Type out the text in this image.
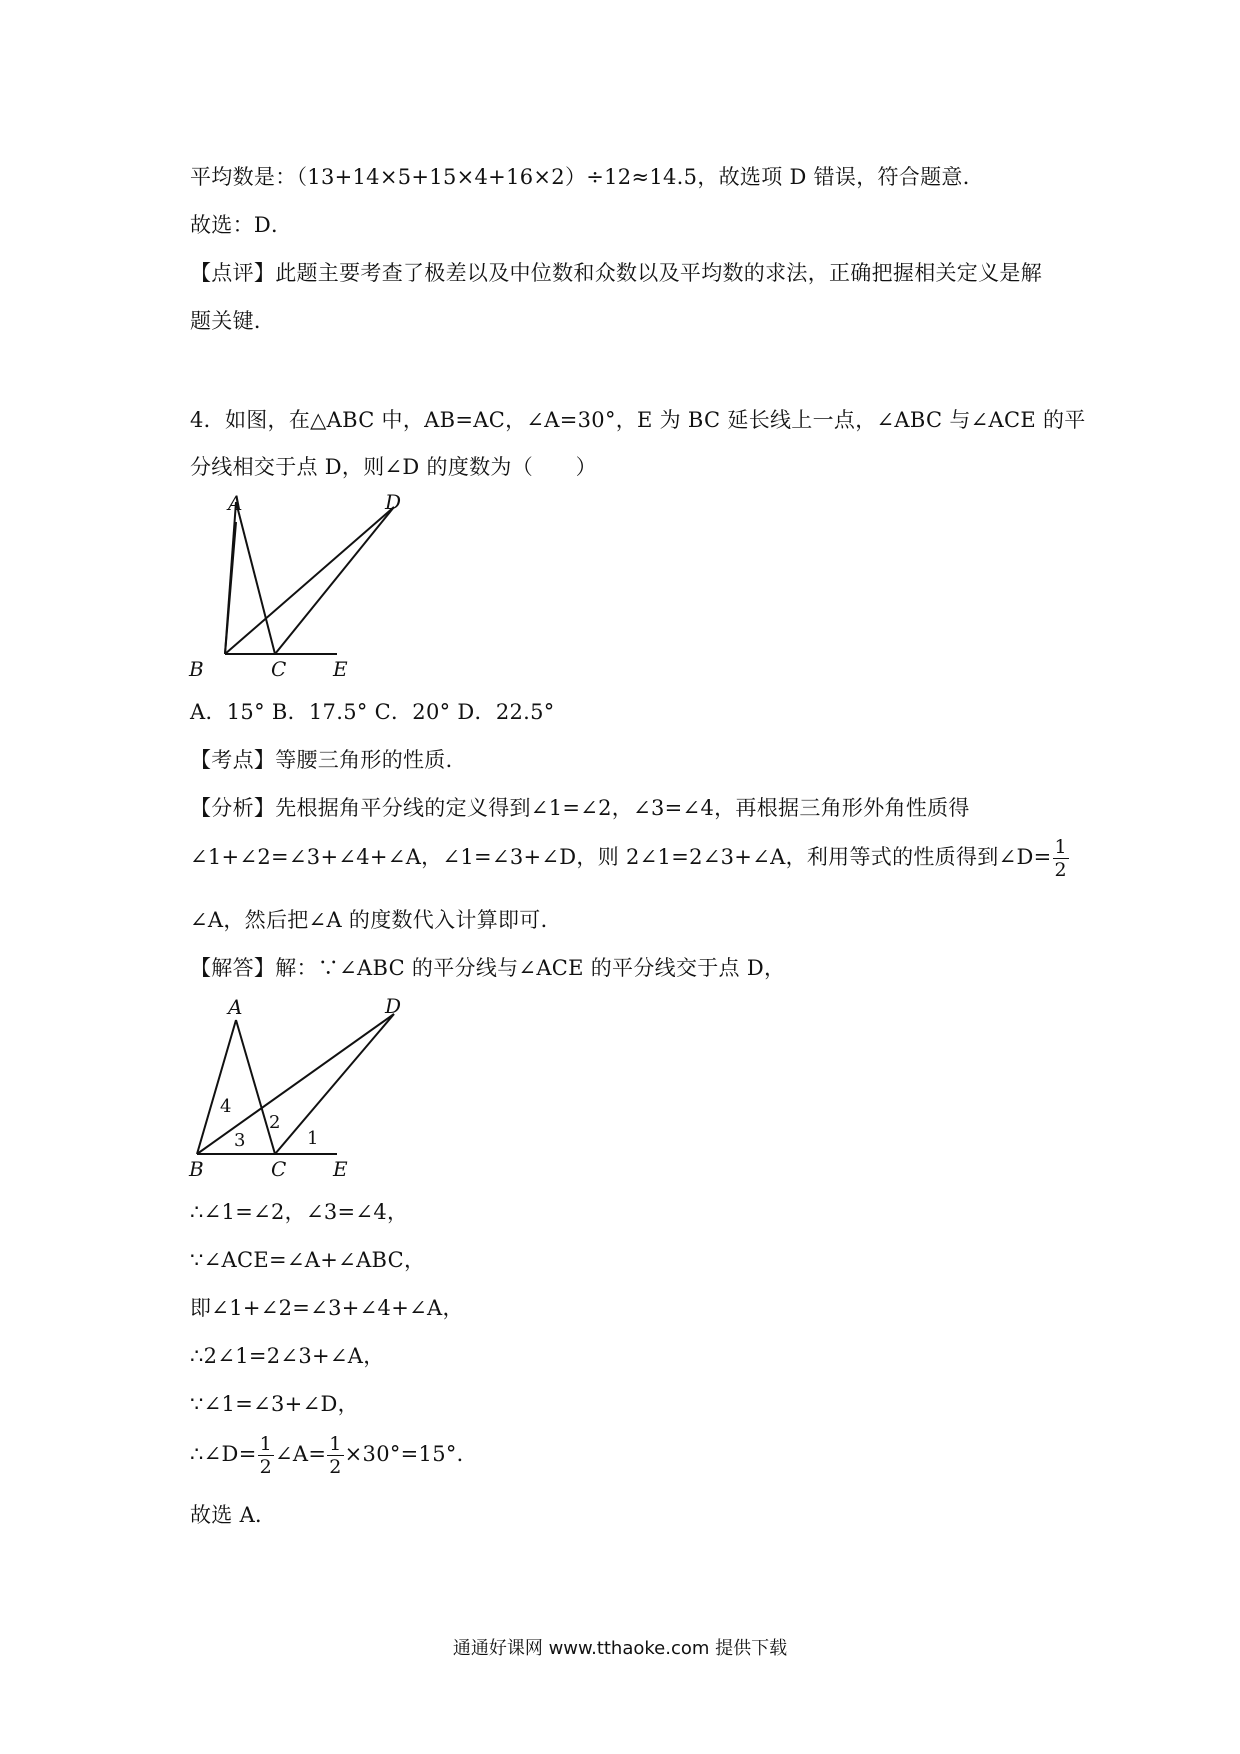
平均数是：（13+14×5+15×4+16×2）÷12≈14.5，故选项 D 错误，符合题意．
故选：D．
【点评】此题主要考查了极差以及中位数和众数以及平均数的求法，正确把握相关定义是解
题关键．
4．如图，在△ABC 中，AB=AC，∠A=30°，E 为 BC 延长线上一点，∠ABC 与∠ACE 的平
分线相交于点 D，则∠D 的度数为（　　）
A	D
B	C E
A．15° B．17.5° C．20° D．22.5°
【考点】等腰三角形的性质．
【分析】先根据角平分线的定义得到∠1=∠2，∠3=∠4，再根据三角形外角性质得
∠1+∠2=∠3+∠4+∠A，∠1=∠3+∠D，则 2∠1=2∠3+∠A，利用等式的性质得到∠D= $\frac{1}{2}$
∠A，然后把∠A 的度数代入计算即可．
【解答】解：∵∠ABC 的平分线与∠ACE 的平分线交于点 D，
A	D
B	C E
4
3
2
1
∴∠1=∠2，∠3=∠4，
∵∠ACE=∠A+∠ABC，
即∠1+∠2=∠3+∠4+∠A，
∴2∠1=2∠3+∠A，
∵∠1=∠3+∠D，
∴∠D= $\frac{1}{2}$ ∠A= $\frac{1}{2} \times 30^\circ=15^\circ$．
故选 A．
通通好课网 www.tthaoke.com 提供下载
